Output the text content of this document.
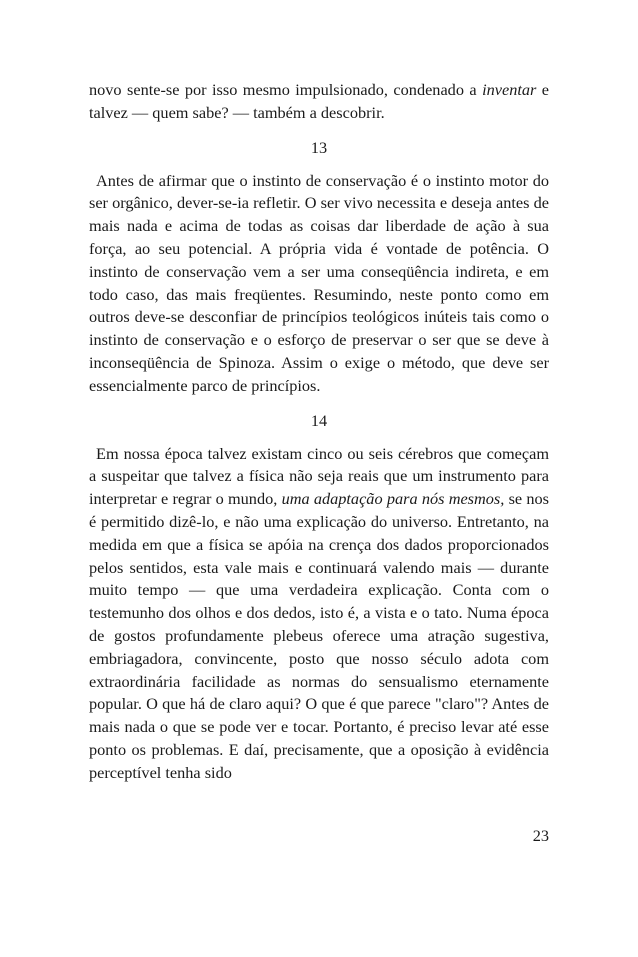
novo sente-se por isso mesmo impulsionado, condenado a inventar e talvez — quem sabe? — também a descobrir.

13

Antes de afirmar que o instinto de conservação é o instinto motor do ser orgânico, dever-se-ia refletir. O ser vivo necessita e deseja antes de mais nada e acima de todas as coisas dar liberdade de ação à sua força, ao seu potencial. A própria vida é vontade de potência. O instinto de conservação vem a ser uma conseqüência indireta, e em todo caso, das mais freqüentes. Resumindo, neste ponto como em outros deve-se desconfiar de princípios teológicos inúteis tais como o instinto de conservação e o esforço de preservar o ser que se deve à inconseqüência de Spinoza. Assim o exige o método, que deve ser essencialmente parco de princípios.

14

Em nossa época talvez existam cinco ou seis cérebros que começam a suspeitar que talvez a física não seja reais que um instrumento para interpretar e regrar o mundo, uma adaptação para nós mesmos, se nos é permitido dizê-lo, e não uma explicação do universo. Entretanto, na medida em que a física se apóia na crença dos dados proporcionados pelos sentidos, esta vale mais e continuará valendo mais — durante muito tempo — que uma verdadeira explicação. Conta com o testemunho dos olhos e dos dedos, isto é, a vista e o tato. Numa época de gostos profundamente plebeus oferece uma atração sugestiva, embriagadora, convincente, posto que nosso século adota com extraordinária facilidade as normas do sensualismo eternamente popular. O que há de claro aqui? O que é que parece "claro"? Antes de mais nada o que se pode ver e tocar. Portanto, é preciso levar até esse ponto os problemas. E daí, precisamente, que a oposição à evidência perceptível tenha sido

23
